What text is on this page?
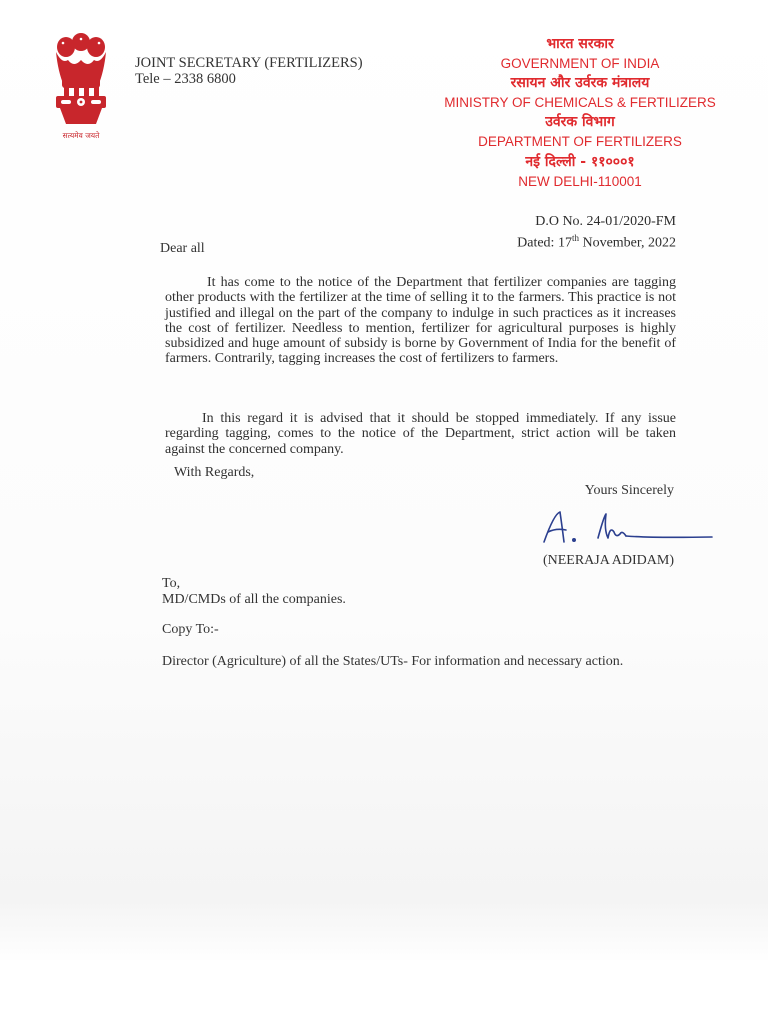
सत्यमेव जयते
JOINT SECRETARY (FERTILIZERS)
Tele – 2338 6800
भारत सरकार
GOVERNMENT OF INDIA
रसायन और उर्वरक मंत्रालय
MINISTRY OF CHEMICALS & FERTILIZERS
उर्वरक विभाग
DEPARTMENT OF FERTILIZERS
नई दिल्ली - ११०००१
NEW DELHI-110001
D.O No. 24-01/2020-FM
Dated: 17th November, 2022
Dear all
It has come to the notice of the Department that fertilizer companies are tagging other products with the fertilizer at the time of selling it to the farmers. This practice is not justified and illegal on the part of the company to indulge in such practices as it increases the cost of fertilizer. Needless to mention, fertilizer for agricultural purposes is highly subsidized and huge amount of subsidy is borne by Government of India for the benefit of farmers. Contrarily, tagging increases the cost of fertilizers to farmers.
In this regard it is advised that it should be stopped immediately. If any issue regarding tagging, comes to the notice of the Department, strict action will be taken against the concerned company.
With Regards,
Yours Sincerely
(NEERAJA ADIDAM)
To,
MD/CMDs of all the companies.
Copy To:-
Director (Agriculture) of all the States/UTs- For information and necessary action.
